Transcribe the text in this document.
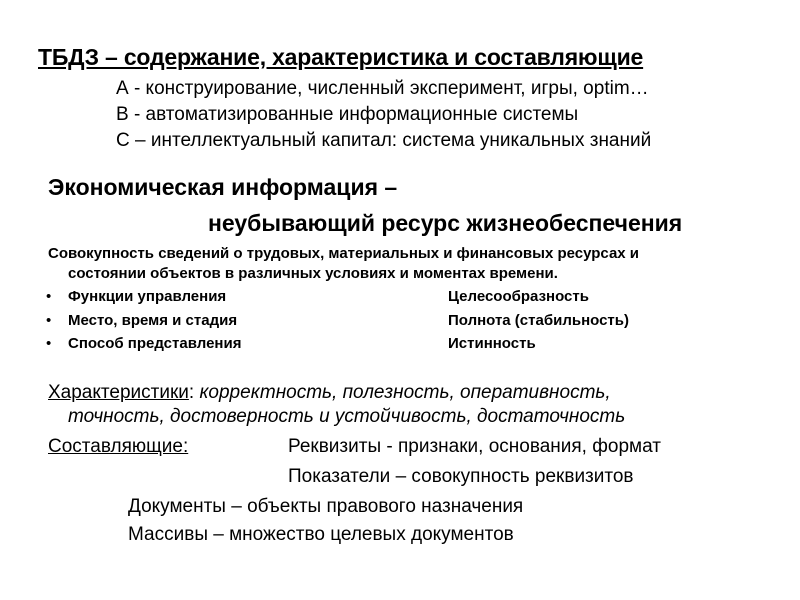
ТБДЗ – содержание, характеристика и составляющие
А - конструирование, численный эксперимент, игры, optim…
В - автоматизированные информационные системы
С – интеллектуальный капитал: система уникальных знаний
Экономическая информация –
неубывающий ресурс жизнеобеспечения
Совокупность сведений о трудовых, материальных и финансовых ресурсах и
состоянии объектов в различных условиях и моментах времени.
• Функции управления	Целесообразность
• Место, время и стадия	Полнота (стабильность)
• Способ представления	Истинность
Характеристики: корректность, полезность, оперативность,
точность, достоверность и устойчивость, достаточность
Составляющие:	Реквизиты - признаки, основания, формат
Показатели – совокупность реквизитов
Документы – объекты правового назначения
Массивы – множество целевых документов
